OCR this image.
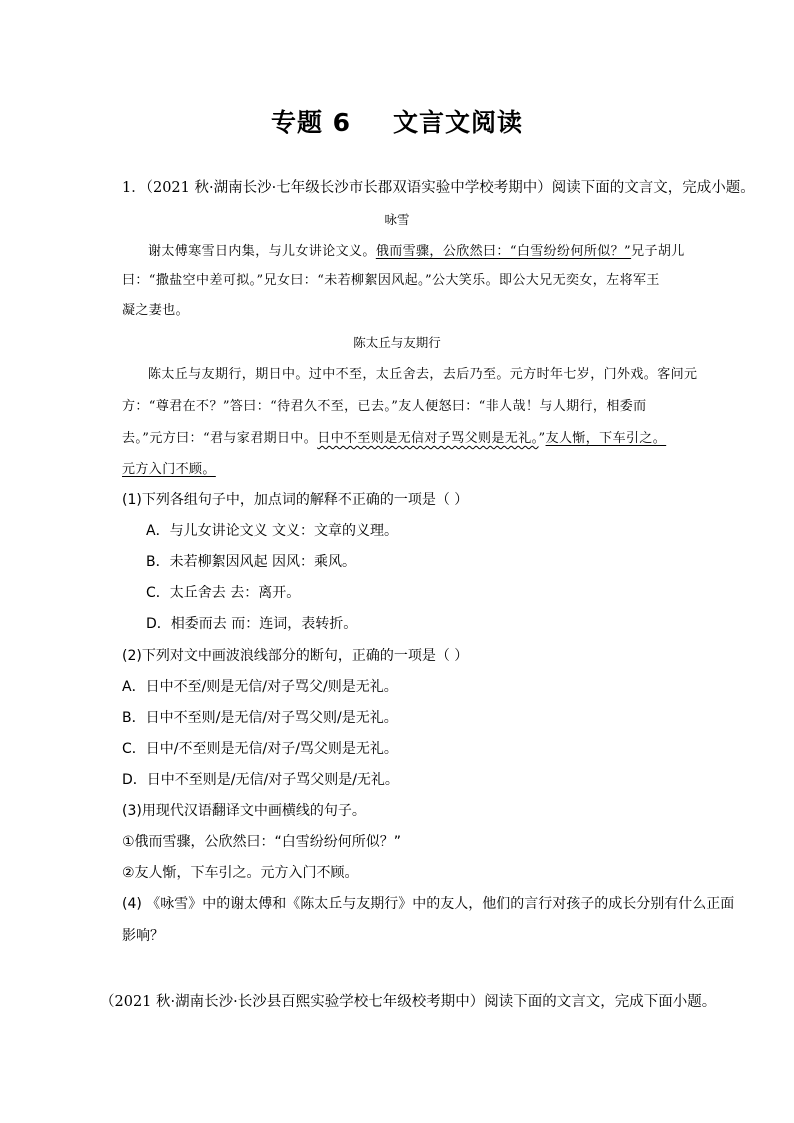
专题 6 文言文阅读
1．（2021 秋·湖南长沙·七年级长沙市长郡双语实验中学校考期中）阅读下面的文言文，完成小题。
咏雪
谢太傅寒雪日内集，与儿女讲论文义。俄而雪骤，公欣然曰：“白雪纷纷何所似？”兄子胡儿
曰：“撒盐空中差可拟。”兄女曰：“未若柳絮因风起。”公大笑乐。即公大兄无奕女，左将军王
凝之妻也。
陈太丘与友期行
陈太丘与友期行，期日中。过中不至，太丘舍去，去后乃至。元方时年七岁，门外戏。客问元
方：“尊君在不？”答曰：“待君久不至，已去。”友人便怒曰：“非人哉！与人期行，相委而
去。”元方曰：“君与家君期日中。日中不至则是无信对子骂父则是无礼。”友人惭，下车引之。
元方入门不顾。
(1)下列各组句子中，加点词的解释不正确的一项是（ ）
A．与儿女讲论文义 文义：文章的义理。
B．未若柳絮因风起 因风：乘风。
C．太丘舍去 去：离开。
D．相委而去 而：连词，表转折。
(2)下列对文中画波浪线部分的断句，正确的一项是（ ）
A．日中不至/则是无信/对子骂父/则是无礼。
B．日中不至则/是无信/对子骂父则/是无礼。
C．日中/不至则是无信/对子/骂父则是无礼。
D．日中不至则是/无信/对子骂父则是/无礼。
(3)用现代汉语翻译文中画横线的句子。
①俄而雪骤，公欣然曰：“白雪纷纷何所似？”
②友人惭，下车引之。元方入门不顾。
(4) 《咏雪》中的谢太傅和《陈太丘与友期行》中的友人，他们的言行对孩子的成长分别有什么正面
影响？
（2021 秋·湖南长沙·长沙县百熙实验学校七年级校考期中）阅读下面的文言文，完成下面小题。
